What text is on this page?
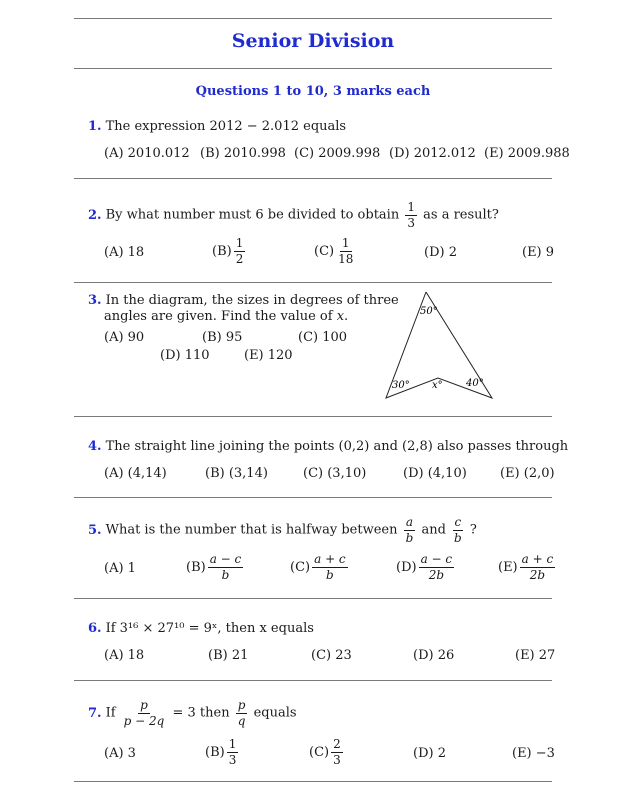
Senior Division
Questions 1 to 10, 3 marks each
1. The expression 2012 − 2.012 equals
(A) 2010.012 (B) 2010.998 (C) 2009.998 (D) 2012.012 (E) 2009.988
2. By what number must 6 be divided to obtain $\frac{1}{3}$ as a result?
(A) 18	$(B) \frac{1}{2}$	$(C) \frac{1}{18}$	(D) 2	(E) 9
3. In the diagram, the sizes in degrees of three
angles are given. Find the value of x.
(A) 90	(B) 95	(C) 100
(D) 110	(E) 120
50°
30° x° 40°
4. The straight line joining the points (0,2) and (2,8) also passes through
(A) (4,14)	(B) (3,14)	(C) (3,10)	(D) (4,10)	(E) (2,0)
5. What is the number that is halfway between $\frac{a}{b}$ and $\frac{c}{b}$ ?
(A) 1	$(B) \frac{a - c}{b}$	$(C) \frac{a + c}{b}$	$(D) \frac{a - c}{2b}$	$(E) \frac{a + c}{2b}$
6. If 3¹⁶ × 27¹⁰ = 9ˣ, then x equals
(A) 18	(B) 21	(C) 23	(D) 26	(E) 27
7. If $\frac{p}{p - 2q} = 3$ then $\frac{p}{q}$ equals
(A) 3	$(B) \frac{1}{3}$	$(C) \frac{2}{3}$	(D) 2	(E) −3
